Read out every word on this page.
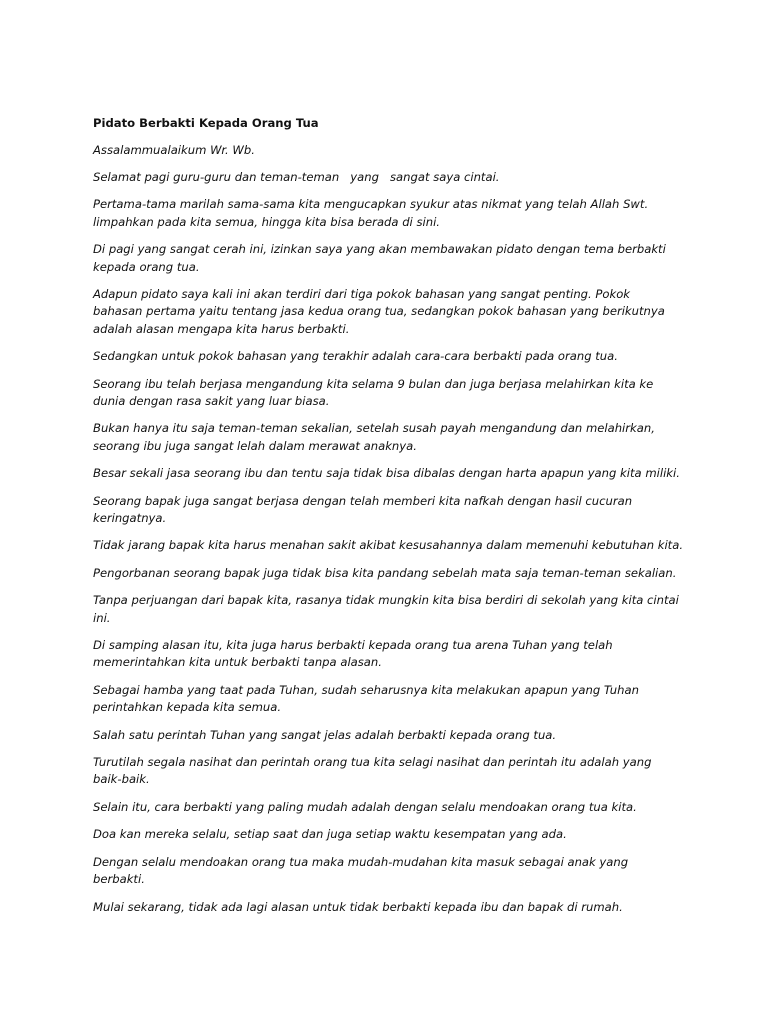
Pidato Berbakti Kepada Orang Tua

Assalammualaikum Wr. Wb.

Selamat pagi guru-guru dan teman-teman   yang   sangat saya cintai.

Pertama-tama marilah sama-sama kita mengucapkan syukur atas nikmat yang telah Allah Swt. limpahkan pada kita semua, hingga kita bisa berada di sini.

Di pagi yang sangat cerah ini, izinkan saya yang akan membawakan pidato dengan tema berbakti kepada orang tua.

Adapun pidato saya kali ini akan terdiri dari tiga pokok bahasan yang sangat penting. Pokok bahasan pertama yaitu tentang jasa kedua orang tua, sedangkan pokok bahasan yang berikutnya adalah alasan mengapa kita harus berbakti.

Sedangkan untuk pokok bahasan yang terakhir adalah cara-cara berbakti pada orang tua.

Seorang ibu telah berjasa mengandung kita selama 9 bulan dan juga berjasa melahirkan kita ke dunia dengan rasa sakit yang luar biasa.

Bukan hanya itu saja teman-teman sekalian, setelah susah payah mengandung dan melahirkan, seorang ibu juga sangat lelah dalam merawat anaknya.

Besar sekali jasa seorang ibu dan tentu saja tidak bisa dibalas dengan harta apapun yang kita miliki.

Seorang bapak juga sangat berjasa dengan telah memberi kita nafkah dengan hasil cucuran keringatnya.

Tidak jarang bapak kita harus menahan sakit akibat kesusahannya dalam memenuhi kebutuhan kita.

Pengorbanan seorang bapak juga tidak bisa kita pandang sebelah mata saja teman-teman sekalian.

Tanpa perjuangan dari bapak kita, rasanya tidak mungkin kita bisa berdiri di sekolah yang kita cintai ini.

Di samping alasan itu, kita juga harus berbakti kepada orang tua arena Tuhan yang telah memerintahkan kita untuk berbakti tanpa alasan.

Sebagai hamba yang taat pada Tuhan, sudah seharusnya kita melakukan apapun yang Tuhan perintahkan kepada kita semua.

Salah satu perintah Tuhan yang sangat jelas adalah berbakti kepada orang tua.

Turutilah segala nasihat dan perintah orang tua kita selagi nasihat dan perintah itu adalah yang baik-baik.

Selain itu, cara berbakti yang paling mudah adalah dengan selalu mendoakan orang tua kita.

Doa kan mereka selalu, setiap saat dan juga setiap waktu kesempatan yang ada.

Dengan selalu mendoakan orang tua maka mudah-mudahan kita masuk sebagai anak yang berbakti.

Mulai sekarang, tidak ada lagi alasan untuk tidak berbakti kepada ibu dan bapak di rumah.
